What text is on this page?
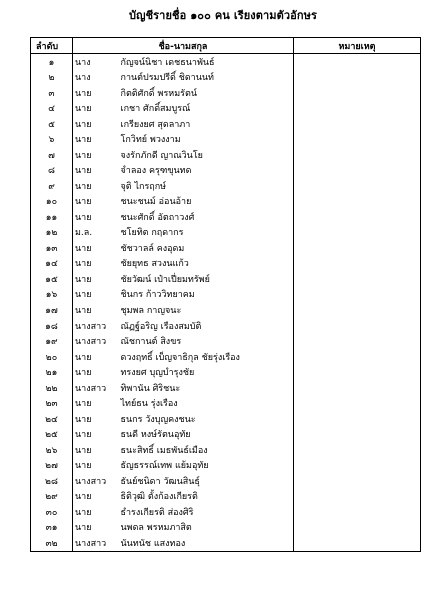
บัญชีรายชื่อ ๑๐๐ คน เรียงตามตัวอักษร
ลำดับ	ชื่อ-นามสกุล		หมายเหตุ
๑	นาง	กัญจน์นิชา เดชธนาพันธ์	
๒	นาง	กานต์ปรมปรีดิ์ ชิดานนท์	
๓	นาย	กิตติศักดิ์ พรหมรัตน์	
๔	นาย	เกชา ศักดิ์สมบูรณ์	
๕	นาย	เกรียงยศ สุดลาภา	
๖	นาย	โกวิทย์ พวงงาม	
๗	นาย	จงรักภักดี ญาณวินโย	
๘	นาย	จำลอง ครุฑขุนทด	
๙	นาย	จุติ ไกรฤกษ์	
๑๐	นาย	ชนะชนม์ อ่อนอ้าย	
๑๑	นาย	ชนะศักดิ์ อัตถาวงศ์	
๑๒	ม.ล.	ชโยทิต กฤดากร	
๑๓	นาย	ชัชวาลล์ คงอุดม	
๑๔	นาย	ชัยยุทธ สวงนแก้ว	
๑๕	นาย	ชัยวัฒน์ เป๋าเปี่ยมทรัพย์	
๑๖	นาย	ชินกร ก้าววิทยาคม	
๑๗	นาย	ชุมพล กาญจนะ	
๑๘	นางสาว	ณัฏฐ์อริญ เรืองสมบัติ	
๑๙	นางสาว	ณัชกานต์ สิงขร	
๒๐	นาย	ดวงฤทธิ์ เบ็ญจาธิกุล ชัยรุ่งเรือง	
๒๑	นาย	ทรงยศ บุญบำรุงชัย	
๒๒	นางสาว	ทิพานัน ศิริชนะ	
๒๓	นาย	ไทย์ธน รุ่งเรือง	
๒๔	นาย	ธนกร วังบุญคงชนะ	
๒๕	นาย	ธนดี หงษ์รัตนอุทัย	
๒๖	นาย	ธนะสิทธิ์ เมธพันธ์เมือง	
๒๗	นาย	ธัญธรรณ์เทพ แย้มอุทัย	
๒๘	นางสาว	ธันย์ชนิดา วัฒนสินธุ์	
๒๙	นาย	ธิติวุฒิ ตั้งก้องเกียรติ	
๓๐	นาย	ธำรงเกียรติ ส่องศิริ	
๓๑	นาย	นพดล พรหมภาสิต	
๓๒	นางสาว	นันทนัช แสงทอง	
